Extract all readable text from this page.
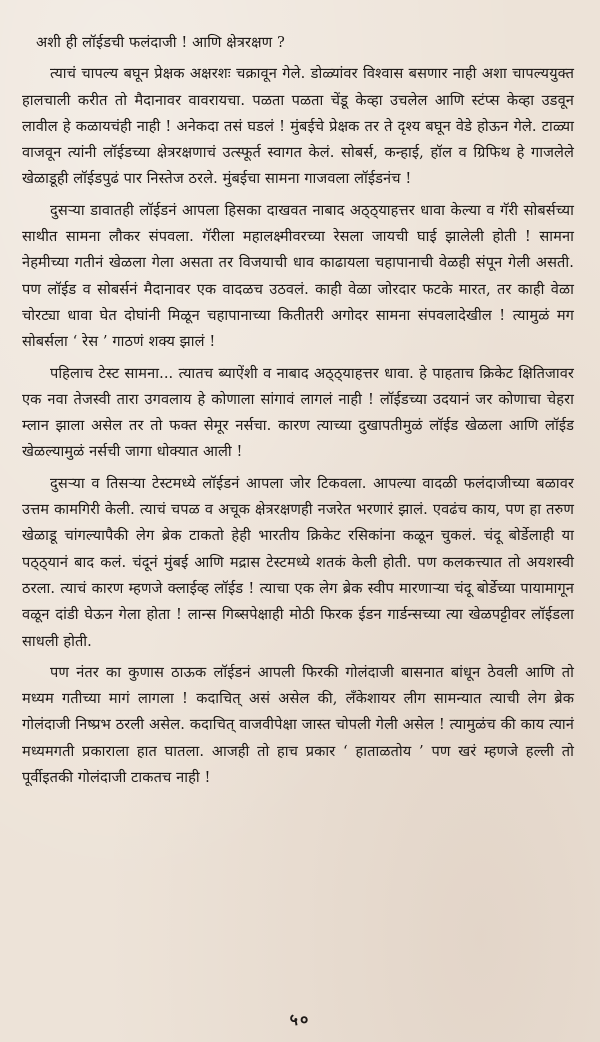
अशी ही लॉईडची फलंदाजी ! आणि क्षेत्ररक्षण ?

त्याचं चापल्य बघून प्रेक्षक अक्षरशः चक्रावून गेले. डोळ्यांवर विश्वास बसणार नाही अशा चापल्ययुक्त हालचाली करीत तो मैदानावर वावरायचा. पळता पळता चेंडू केव्हा उचलेल आणि स्टंप्स केव्हा उडवून लावील हे कळायचंही नाही ! अनेकदा तसं घडलं ! मुंबईचे प्रेक्षक तर ते दृश्य बघून वेडे होऊन गेले. टाळ्या वाजवून त्यांनी लॉईडच्या क्षेत्ररक्षणाचं उत्स्फूर्त स्वागत केलं. सोबर्स, कन्हाई, हॉल व ग्रिफिथ हे गाजलेले खेळाडूही लॉईडपुढं पार निस्तेज ठरले. मुंबईचा सामना गाजवला लॉईडनंच !

दुसऱ्या डावातही लॉईडनं आपला हिसका दाखवत नाबाद अठ्ठ्याहत्तर धावा केल्या व गॅरी सोबर्सच्या साथीत सामना लौकर संपवला. गॅरीला महालक्ष्मीवरच्या रेसला जायची घाई झालेली होती ! सामना नेहमीच्या गतीनं खेळला गेला असता तर विजयाची धाव काढायला चहापानाची वेळही संपून गेली असती. पण लॉईड व सोबर्सनं मैदानावर एक वादळच उठवलं. काही वेळा जोरदार फटके मारत, तर काही वेळा चोरट्या धावा घेत दोघांनी मिळून चहापानाच्या कितीतरी अगोदर सामना संपवलादेखील ! त्यामुळं मग सोबर्सला ‘ रेस ’ गाठणं शक्य झालं !

पहिलाच टेस्ट सामना... त्यातच ब्याऐंशी व नाबाद अठ्ठ्याहत्तर धावा. हे पाहताच क्रिकेट क्षितिजावर एक नवा तेजस्वी तारा उगवलाय हे कोणाला सांगावं लागलं नाही ! लॉईडच्या उदयानं जर कोणाचा चेहरा म्लान झाला असेल तर तो फक्त सेमूर नर्सचा. कारण त्याच्या दुखापतीमुळं लॉईड खेळला आणि लॉईड खेळल्यामुळं नर्सची जागा धोक्यात आली !

दुसऱ्या व तिसऱ्या टेस्टमध्ये लॉईडनं आपला जोर टिकवला. आपल्या वादळी फलंदाजीच्या बळावर उत्तम कामगिरी केली. त्याचं चपळ व अचूक क्षेत्ररक्षणही नजरेत भरणारं झालं. एवढंच काय, पण हा तरुण खेळाडू चांगल्यापैकी लेग ब्रेक टाकतो हेही भारतीय क्रिकेट रसिकांना कळून चुकलं. चंदू बोर्डेलाही या पठ्ठ्यानं बाद कलं. चंदूनं मुंबई आणि मद्रास टेस्टमध्ये शतकं केली होती. पण कलकत्त्यात तो अयशस्वी ठरला. त्याचं कारण म्हणजे क्लाईव्ह लॉईड ! त्याचा एक लेग ब्रेक स्वीप मारणाऱ्या चंदू बोर्डेच्या पायामागून वळून दांडी घेऊन गेला होता ! लान्स गिब्सपेक्षाही मोठी फिरक ईडन गार्डन्सच्या त्या खेळपट्टीवर लॉईडला साधली होती.

पण नंतर का कुणास ठाऊक लॉईडनं आपली फिरकी गोलंदाजी बासनात बांधून ठेवली आणि तो मध्यम गतीच्या मागं लागला ! कदाचित् असं असेल की, लँकेशायर लीग सामन्यात त्याची लेग ब्रेक गोलंदाजी निष्प्रभ ठरली असेल. कदाचित् वाजवीपेक्षा जास्त चोपली गेली असेल ! त्यामुळंच की काय त्यानं मध्यमगती प्रकाराला हात घातला. आजही तो हाच प्रकार ‘ हाताळतोय ’ पण खरं म्हणजे हल्ली तो पूर्वीइतकी गोलंदाजी टाकतच नाही !

५०
